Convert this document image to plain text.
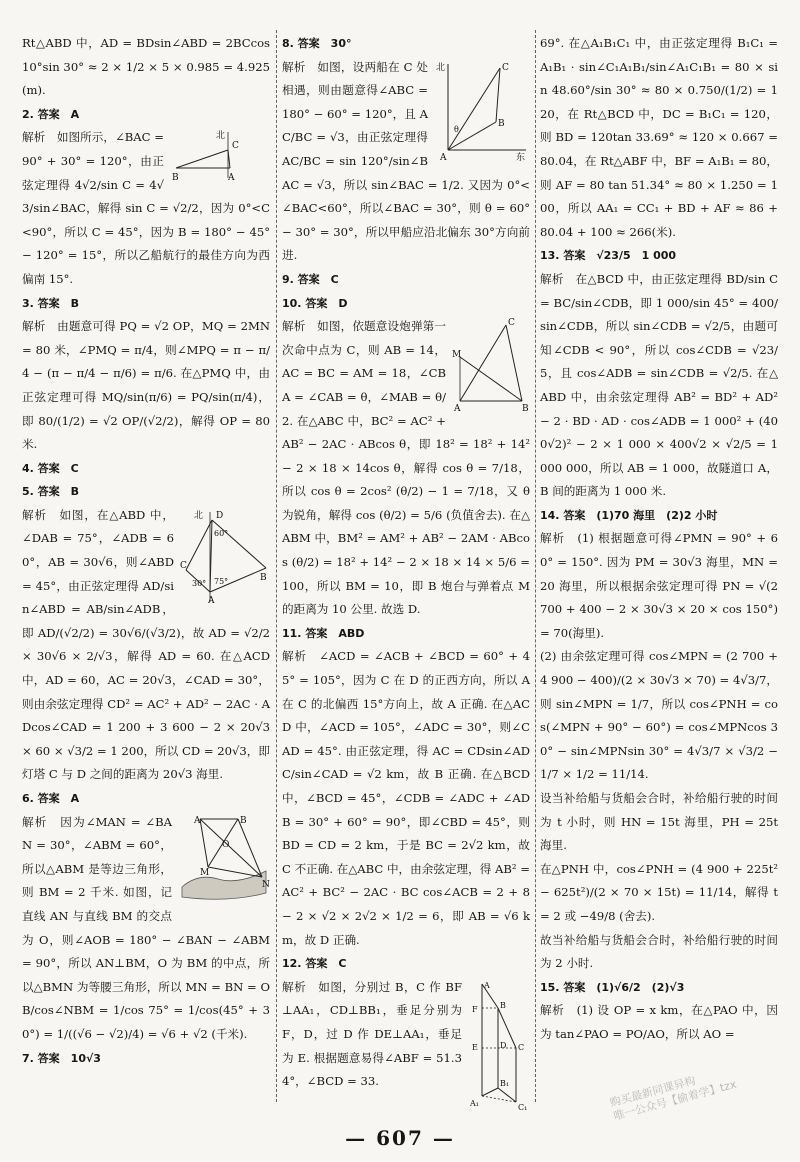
Rt△ABD 中，AD = BDsin∠ABD = 2BCcos 10°sin 30° ≈ 2 × 1/2 × 5 × 0.985 = 4.925(m).

2. 答案　A

北
C
A
B

解析　如图所示，∠BAC = 90° + 30° = 120°，由正弦定理得 4√2/sin C = 4√3/sin∠BAC，解得 sin C = √2/2，因为 0°<C<90°，所以 C = 45°，因为 B = 180° − 45° − 120° = 15°，所以乙船航行的最佳方向为西偏南 15°.

3. 答案　B

解析　由题意可得 PQ = √2 OP，MQ = 2MN = 80 米，∠PMQ = π/4，则∠MPQ = π − π/4 − (π − π/4 − π/6) = π/6. 在△PMQ 中，由正弦定理可得 MQ/sin(π/6) = PQ/sin(π/4)，即 80/(1/2) = √2 OP/(√2/2)，解得 OP = 80 米.

4. 答案　C

5. 答案　B

北 D
60°
C
30° 75°	B
A

解析　如图，在△ABD 中，∠DAB = 75°，∠ADB = 60°，AB = 30√6，则∠ABD = 45°，由正弦定理得 AD/sin∠ABD = AB/sin∠ADB，即 AD/(√2/2) = 30√6/(√3/2)，故 AD = √2/2 × 30√6 × 2/√3，解得 AD = 60. 在△ACD 中，AD = 60，AC = 20√3，∠CAD = 30°，则由余弦定理得 CD² = AC² + AD² − 2AC · ADcos∠CAD = 1 200 + 3 600 − 2 × 20√3 × 60 × √3/2 = 1 200，所以 CD = 20√3，即灯塔 C 与 D 之间的距离为 20√3 海里.

6. 答案　A

A	B
M
O
N

解析　因为∠MAN = ∠BAN = 30°，∠ABM = 60°，所以△ABM 是等边三角形，则 BM = 2 千米. 如图，记直线 AN 与直线 BM 的交点为 O，则∠AOB = 180° − ∠BAN − ∠ABM = 90°，所以 AN⊥BM，O 为 BM 的中点，所以△BMN 为等腰三角形，所以 MN = BN = OB/cos∠NBM = 1/cos 75° = 1/cos(45° + 30°) = 1/((√6 − √2)/4) = √6 + √2 (千米).

7. 答案　10√3

8. 答案　30°

北	C
B
θ
A	东

解析　如图，设两船在 C 处相遇，则由题意得∠ABC = 180° − 60° = 120°，且 AC/BC = √3，由正弦定理得 AC/BC = sin 120°/sin∠BAC = √3，所以 sin∠BAC = 1/2. 又因为 0°<∠BAC<60°，所以∠BAC = 30°，则 θ = 60° − 30° = 30°，所以甲船应沿北偏东 30°方向前进.

9. 答案　C

10. 答案　D

C
M
A	B

解析　如图，依题意设炮弹第一次命中点为 C，则 AB = 14，AC = BC = AM = 18，∠CBA = ∠CAB = θ，∠MAB = θ/2. 在△ABC 中，BC² = AC² + AB² − 2AC · ABcos θ，即 18² = 18² + 14² − 2 × 18 × 14cos θ，解得 cos θ = 7/18，所以 cos θ = 2cos² (θ/2) − 1 = 7/18，又 θ 为锐角，解得 cos (θ/2) = 5/6 (负值舍去). 在△ABM 中，BM² = AM² + AB² − 2AM · ABcos (θ/2) = 18² + 14² − 2 × 18 × 14 × 5/6 = 100，所以 BM = 10，即 B 炮台与弹着点 M 的距离为 10 公里. 故选 D.

11. 答案　ABD

解析　∠ACD = ∠ACB + ∠BCD = 60° + 45° = 105°，因为 C 在 D 的正西方向，所以 A 在 C 的北偏西 15°方向上，故 A 正确. 在△ACD 中，∠ACD = 105°，∠ADC = 30°，则∠CAD = 45°. 由正弦定理，得 AC = CDsin∠ADC/sin∠CAD = √2 km，故 B 正确. 在△BCD 中，∠BCD = 45°，∠CDB = ∠ADC + ∠ADB = 30° + 60° = 90°，即∠CBD = 45°，则 BD = CD = 2 km，于是 BC = 2√2 km，故 C 不正确. 在△ABC 中，由余弦定理，得 AB² = AC² + BC² − 2AC · BC cos∠ACB = 2 + 8 − 2 × √2 × 2√2 × 1/2 = 6，即 AB = √6 km，故 D 正确.

12. 答案　C

A
F
D
E
B
C
B₁
A₁	C₁

解析　如图，分别过 B，C 作 BF⊥AA₁，CD⊥BB₁，垂足分别为 F，D，过 D 作 DE⊥AA₁，垂足为 E. 根据题意易得∠ABF = 51.34°，∠BCD = 33.

69°. 在△A₁B₁C₁ 中，由正弦定理得 B₁C₁ = A₁B₁ · sin∠C₁A₁B₁/sin∠A₁C₁B₁ = 80 × sin 48.60°/sin 30° ≈ 80 × 0.750/(1/2) = 120，在 Rt△BCD 中，DC = B₁C₁ = 120，则 BD = 120tan 33.69° ≈ 120 × 0.667 = 80.04，在 Rt△ABF 中，BF = A₁B₁ = 80，则 AF = 80 tan 51.34° ≈ 80 × 1.250 = 100，所以 AA₁ = CC₁ + BD + AF ≈ 86 + 80.04 + 100 ≈ 266(米).

13. 答案　√23/5　1 000

解析　在△BCD 中，由正弦定理得 BD/sin C = BC/sin∠CDB，即 1 000/sin 45° = 400/sin∠CDB，所以 sin∠CDB = √2/5，由题可知∠CDB < 90°，所以 cos∠CDB = √23/5，且 cos∠ADB = sin∠CDB = √2/5. 在△ABD 中，由余弦定理得 AB² = BD² + AD² − 2 · BD · AD · cos∠ADB = 1 000² + (400√2)² − 2 × 1 000 × 400√2 × √2/5 = 1 000 000，所以 AB = 1 000，故隧道口 A，B 间的距离为 1 000 米.

14. 答案　(1)70 海里　(2)2 小时

解析　(1) 根据题意可得∠PMN = 90° + 60° = 150°. 因为 PM = 30√3 海里，MN = 20 海里，所以根据余弦定理可得 PN = √(2 700 + 400 − 2 × 30√3 × 20 × cos 150°) = 70(海里).
(2) 由余弦定理可得 cos∠MPN = (2 700 + 4 900 − 400)/(2 × 30√3 × 70) = 4√3/7，则 sin∠MPN = 1/7，所以 cos∠PNH = cos(∠MPN + 90° − 60°) = cos∠MPNcos 30° − sin∠MPNsin 30° = 4√3/7 × √3/2 − 1/7 × 1/2 = 11/14.
设当补给船与货船会合时，补给船行驶的时间为 t 小时，则 HN = 15t 海里，PH = 25t 海里.
在△PNH 中，cos∠PNH = (4 900 + 225t² − 625t²)/(2 × 70 × 15t) = 11/14，解得 t = 2 或 −49/8 (舍去).
故当补给船与货船会合时，补给船行驶的时间为 2 小时.

15. 答案　(1)√6/2　(2)√3

解析　(1) 设 OP = x km，在△PAO 中，因为 tan∠PAO = PO/AO，所以 AO =

— 607 —
购买最新同课异构
唯一公众号【偷着学】tzx
